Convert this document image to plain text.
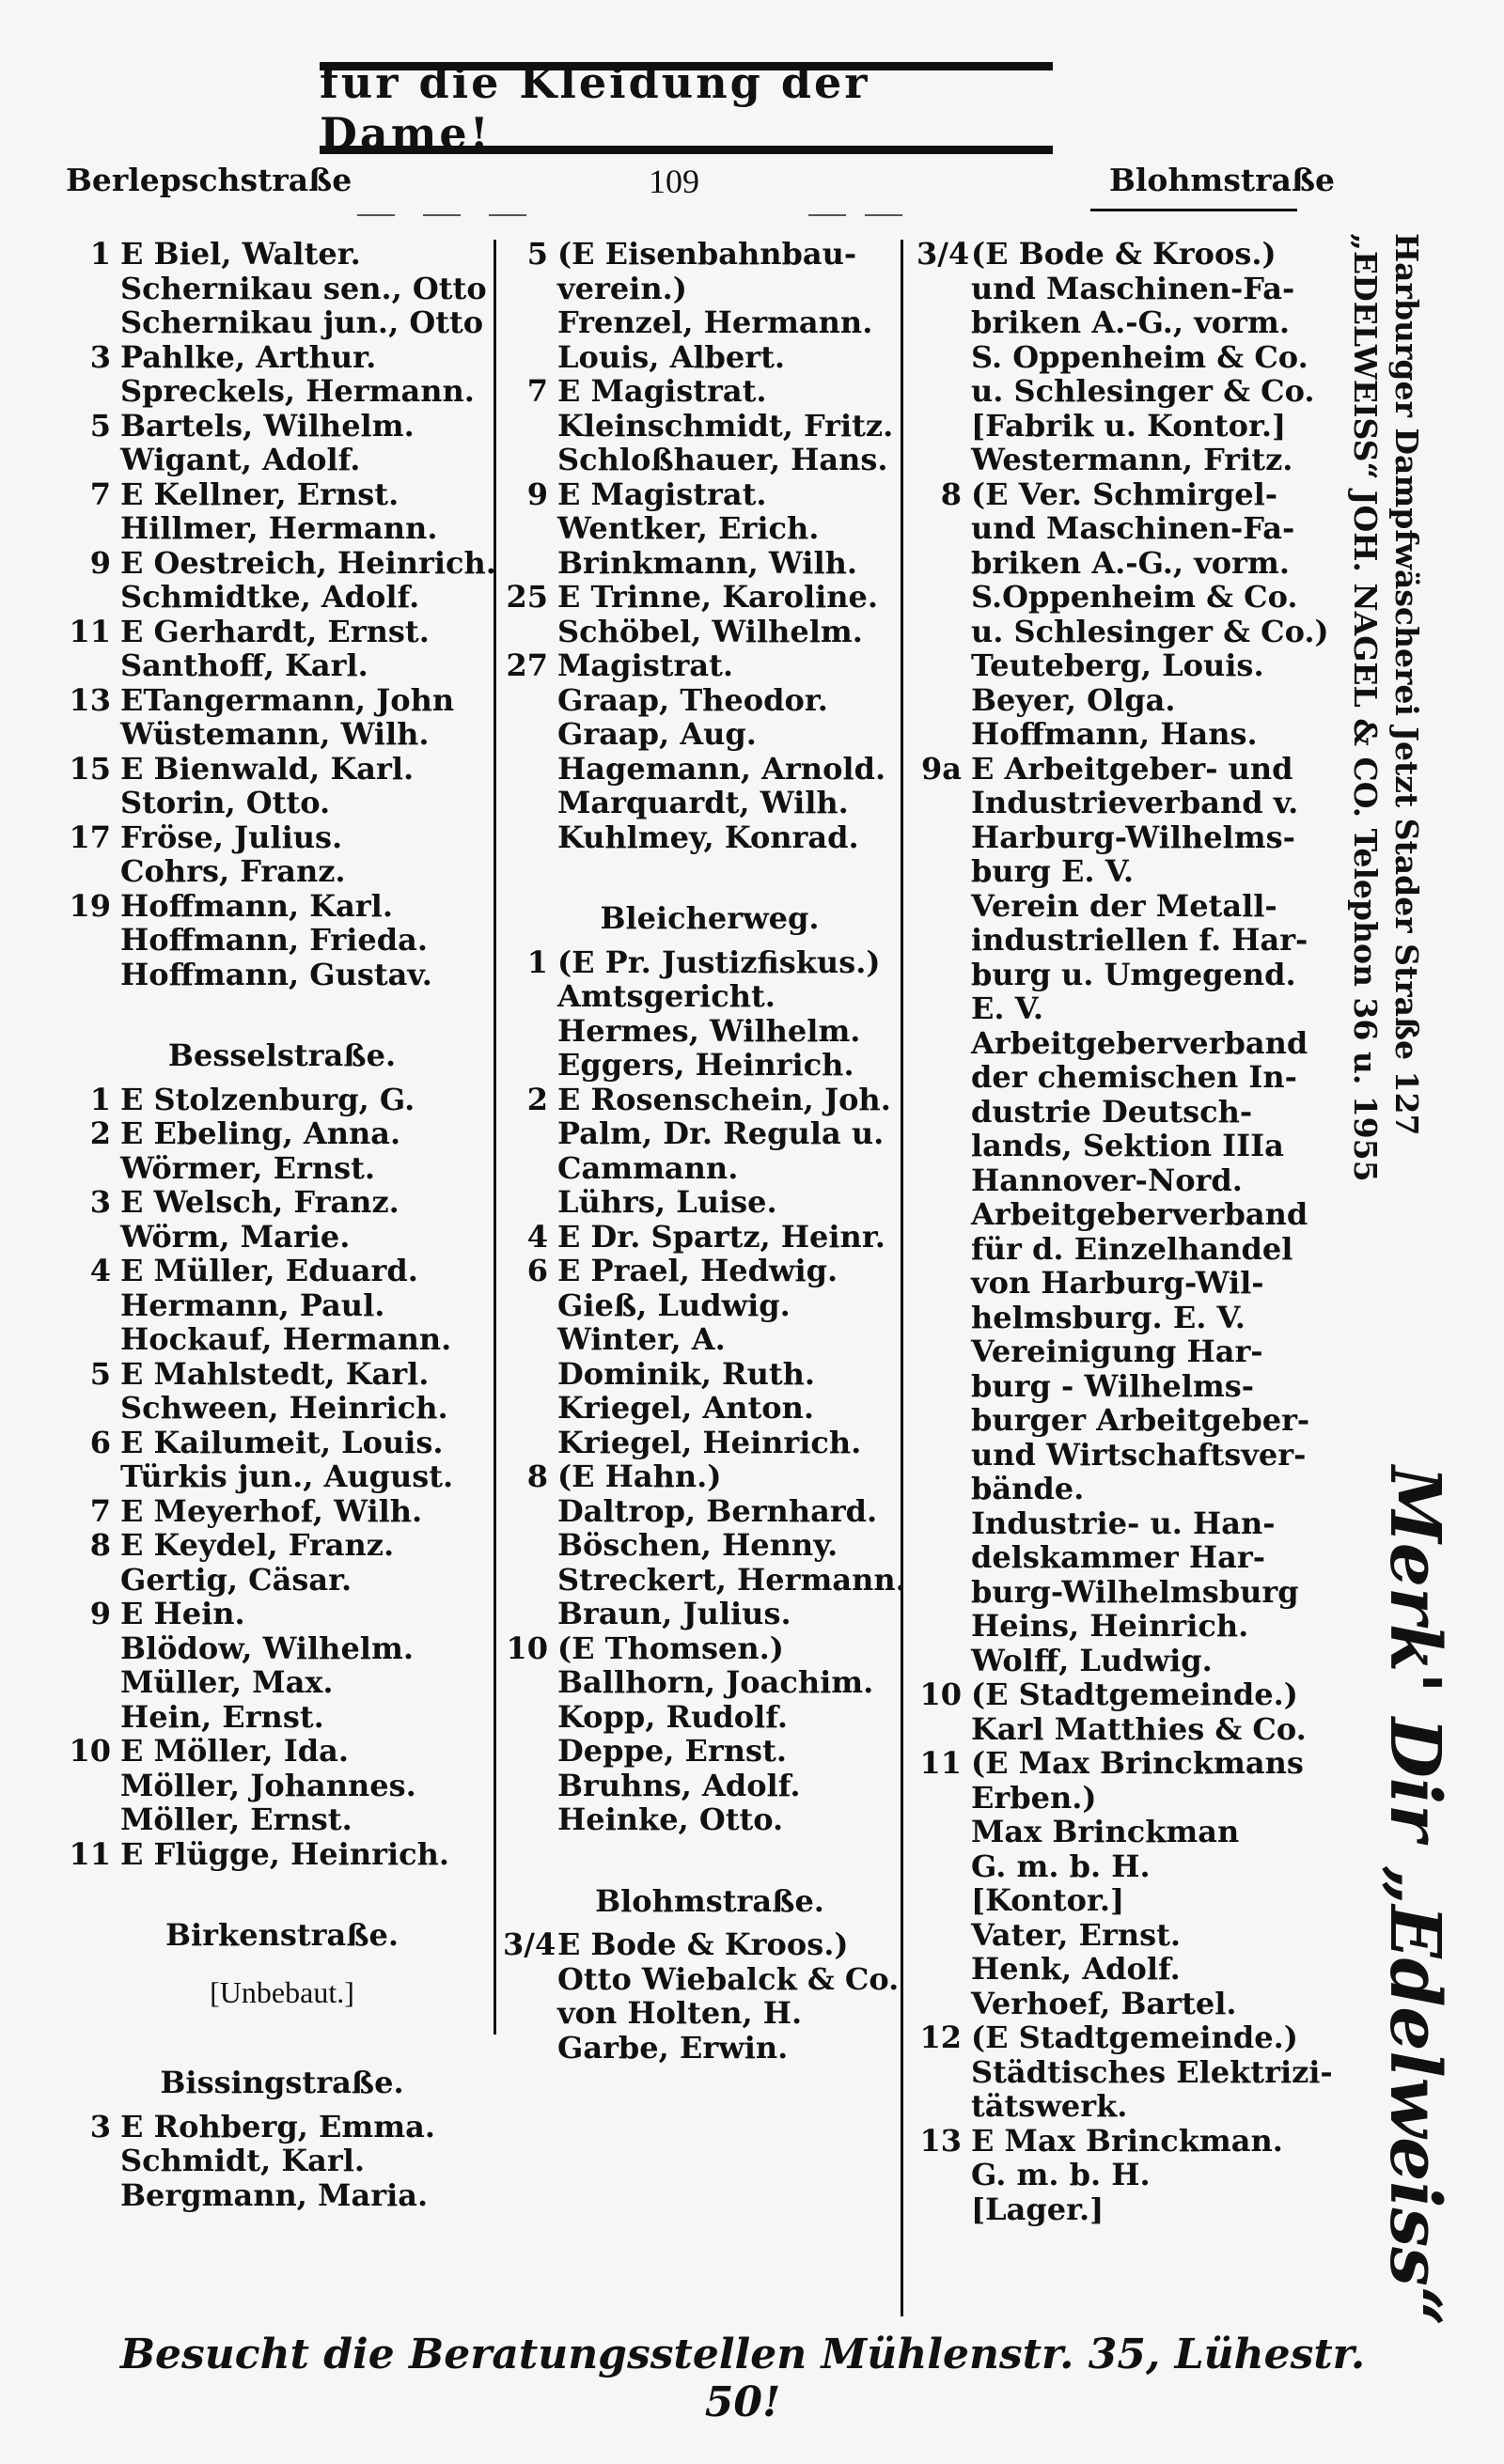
für die Kleidung der Dame!
Berlepschstraße	109	Blohmstraße
1 E Biel, Walter.
Schernikau sen., Otto
Schernikau jun., Otto
3 Pahlke, Arthur.
Spreckels, Hermann.
5 Bartels, Wilhelm.
Wigant, Adolf.
7 E Kellner, Ernst.
Hillmer, Hermann.
9 E Oestreich, Heinrich.
Schmidtke, Adolf.
11 E Gerhardt, Ernst.
Santhoff, Karl.
13 ETangermann, John
Wüstemann, Wilh.
15 E Bienwald, Karl.
Storin, Otto.
17 Fröse, Julius.
Cohrs, Franz.
19 Hoffmann, Karl.
Hoffmann, Frieda.
Hoffmann, Gustav.
Besselstraße.
1 E Stolzenburg, G.
2 E Ebeling, Anna.
Wörmer, Ernst.
3 E Welsch, Franz.
Wörm, Marie.
4 E Müller, Eduard.
Hermann, Paul.
Hockauf, Hermann.
5 E Mahlstedt, Karl.
Schween, Heinrich.
6 E Kailumeit, Louis.
Türkis jun., August.
7 E Meyerhof, Wilh.
8 E Keydel, Franz.
Gertig, Cäsar.
9 E Hein.
Blödow, Wilhelm.
Müller, Max.
Hein, Ernst.
10 E Möller, Ida.
Möller, Johannes.
Möller, Ernst.
11 E Flügge, Heinrich.
Birkenstraße.
[Unbebaut.]
Bissingstraße.
3 E Rohberg, Emma.
Schmidt, Karl.
Bergmann, Maria.
5 (E Eisenbahnbau-
verein.)
Frenzel, Hermann.
Louis, Albert.
7 E Magistrat.
Kleinschmidt, Fritz.
Schloßhauer, Hans.
9 E Magistrat.
Wentker, Erich.
Brinkmann, Wilh.
25 E Trinne, Karoline.
Schöbel, Wilhelm.
27 Magistrat.
Graap, Theodor.
Graap, Aug.
Hagemann, Arnold.
Marquardt, Wilh.
Kuhlmey, Konrad.
Bleicherweg.
1 (E Pr. Justizfiskus.)
Amtsgericht.
Hermes, Wilhelm.
Eggers, Heinrich.
2 E Rosenschein, Joh.
Palm, Dr. Regula u.
Cammann.
Lührs, Luise.
4 E Dr. Spartz, Heinr.
6 E Prael, Hedwig.
Gieß, Ludwig.
Winter, A.
Dominik, Ruth.
Kriegel, Anton.
Kriegel, Heinrich.
8 (E Hahn.)
Daltrop, Bernhard.
Böschen, Henny.
Streckert, Hermann.
Braun, Julius.
10 (E Thomsen.)
Ballhorn, Joachim.
Kopp, Rudolf.
Deppe, Ernst.
Bruhns, Adolf.
Heinke, Otto.
Blohmstraße.
3/4 E Bode & Kroos.)
Otto Wiebalck & Co.
von Holten, H.
Garbe, Erwin.
3/4 (E Bode & Kroos.)
und Maschinen-Fa-
briken A.-G., vorm.
S. Oppenheim & Co.
u. Schlesinger & Co.
[Fabrik u. Kontor.]
Westermann, Fritz.
8 (E Ver. Schmirgel-
und Maschinen-Fa-
briken A.-G., vorm.
S.Oppenheim & Co.
u. Schlesinger & Co.)
Teuteberg, Louis.
Beyer, Olga.
Hoffmann, Hans.
9a E Arbeitgeber- und
Industrieverband v.
Harburg-Wilhelms-
burg E. V.
Verein der Metall-
industriellen f. Har-
burg u. Umgegend.
E. V.
Arbeitgeberverband
der chemischen In-
dustrie Deutsch-
lands, Sektion IIIa
Hannover-Nord.
Arbeitgeberverband
für d. Einzelhandel
von Harburg-Wil-
helmsburg. E. V.
Vereinigung Har-
burg - Wilhelms-
burger Arbeitgeber-
und Wirtschaftsver-
bände.
Industrie- u. Han-
delskammer Har-
burg-Wilhelmsburg
Heins, Heinrich.
Wolff, Ludwig.
10 (E Stadtgemeinde.)
Karl Matthies & Co.
11 (E Max Brinckmans
Erben.)
Max Brinckman
G. m. b. H.
[Kontor.]
Vater, Ernst.
Henk, Adolf.
Verhoef, Bartel.
12 (E Stadtgemeinde.)
Städtisches Elektrizi-
tätswerk.
13 E Max Brinckman.
G. m. b. H.
[Lager.]
Harburger Dampfwäscherei Jetzt Stader Straße 127
„EDELWEISS“ JOH. NAGEL & CO. Telephon 36 u. 1955
Merk' Dir „Edelweiss“
Besucht die Beratungsstellen Mühlenstr. 35, Lühestr. 50!
